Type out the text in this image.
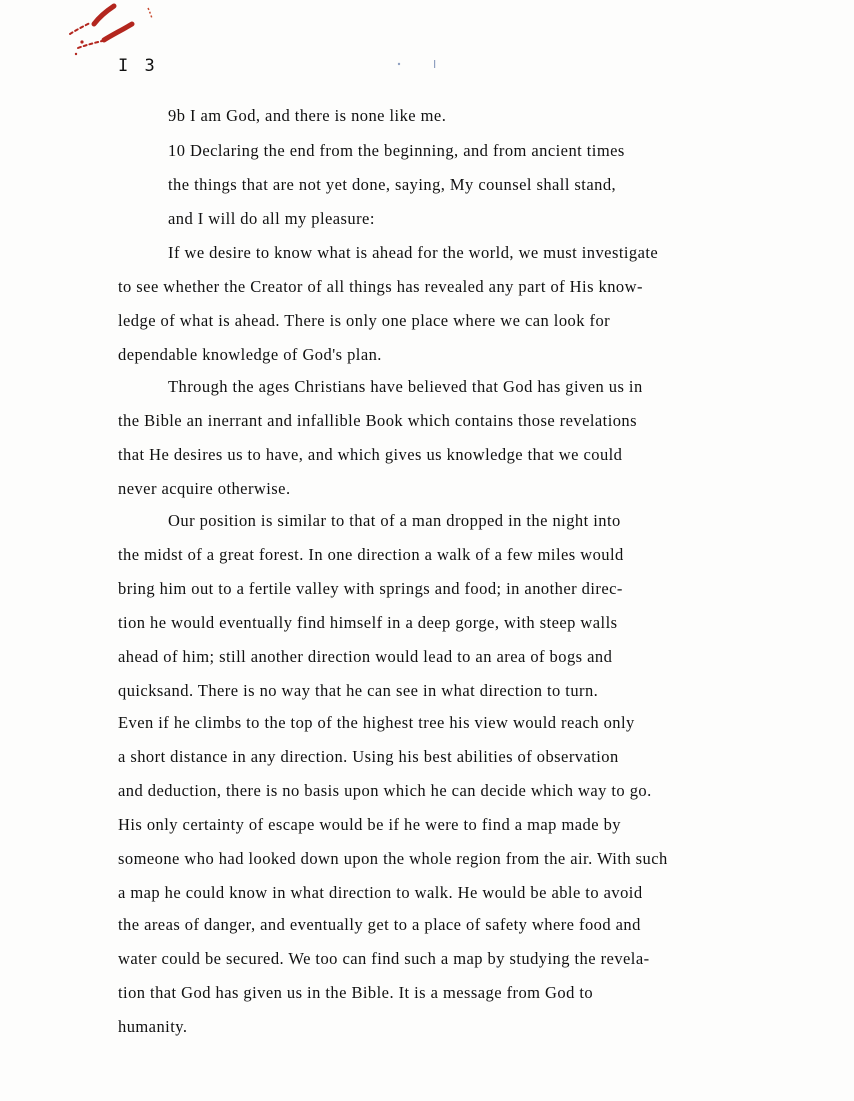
I 3
9b I am God, and there is none like me.
10 Declaring the end from the beginning, and from ancient times
the things that are not yet done, saying, My counsel shall stand,
and I will do all my pleasure:
If we desire to know what is ahead for the world, we must investigate
to see whether the Creator of all things has revealed any part of His know-
ledge of what is ahead. There is only one place where we can look for
dependable knowledge of God's plan.
Through the ages Christians have believed that God has given us in
the Bible an inerrant and infallible Book which contains those revelations
that He desires us to have, and which gives us knowledge that we could
never acquire otherwise.
Our position is similar to that of a man dropped in the night into
the midst of a great forest. In one direction a walk of a few miles would
bring him out to a fertile valley with springs and food; in another direc-
tion he would eventually find himself in a deep gorge, with steep walls
ahead of him; still another direction would lead to an area of bogs and
quicksand. There is no way that he can see in what direction to turn.
Even if he climbs to the top of the highest tree his view would reach only
a short distance in any direction. Using his best abilities of observation
and deduction, there is no basis upon which he can decide which way to go.
His only certainty of escape would be if he were to find a map made by
someone who had looked down upon the whole region from the air. With such
a map he could know in what direction to walk. He would be able to avoid
the areas of danger, and eventually get to a place of safety where food and
water could be secured. We too can find such a map by studying the revela-
tion that God has given us in the Bible. It is a message from God to
humanity.
